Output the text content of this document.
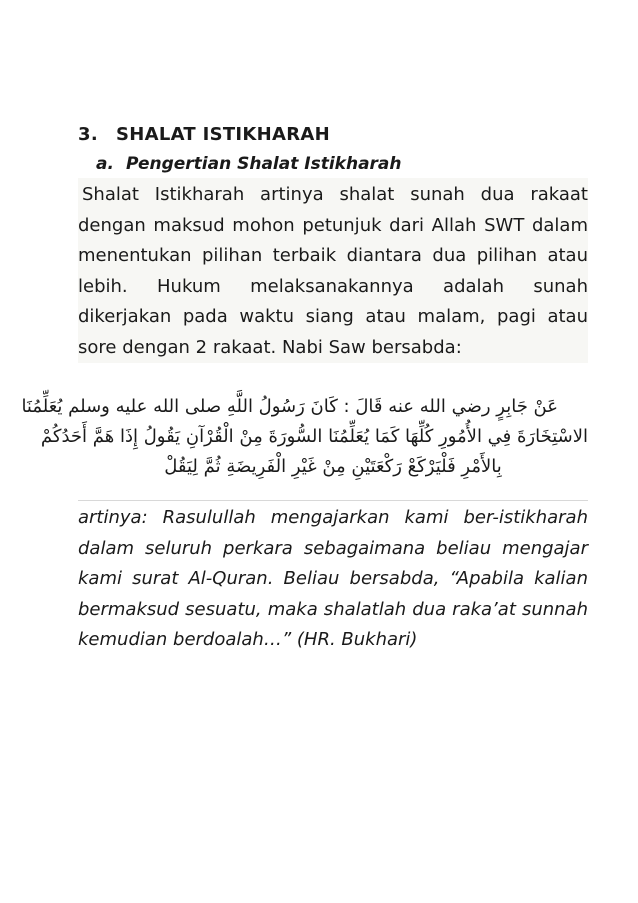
3. SHALAT ISTIKHARAH
a. Pengertian Shalat Istikharah

Shalat Istikharah artinya shalat sunah dua rakaat dengan maksud mohon petunjuk dari Allah SWT dalam menentukan pilihan terbaik diantara dua pilihan atau lebih. Hukum melaksanakannya adalah sunah dikerjakan pada waktu siang atau malam, pagi atau sore dengan 2 rakaat. Nabi Saw bersabda:

عَنْ جَابِرٍ رضي الله عنه قَالَ : كَانَ رَسُولُ اللَّهِ صلى الله عليه وسلم يُعَلِّمُنَا
الاسْتِخَارَةَ فِي الأُمُورِ كُلِّهَا كَمَا يُعَلِّمُنَا السُّورَةَ مِنْ الْقُرْآنِ يَقُولُ إِذَا هَمَّ أَحَدُكُمْ
بِالأَمْرِ فَلْيَرْكَعْ رَكْعَتَيْنِ مِنْ غَيْرِ الْفَرِيضَةِ ثُمَّ لِيَقُلْ

artinya: Rasulullah mengajarkan kami ber-istikharah dalam seluruh perkara sebagaimana beliau mengajar kami surat Al-Quran. Beliau bersabda, “Apabila kalian bermaksud sesuatu, maka shalatlah dua raka’at sunnah kemudian berdoalah…” (HR. Bukhari)
